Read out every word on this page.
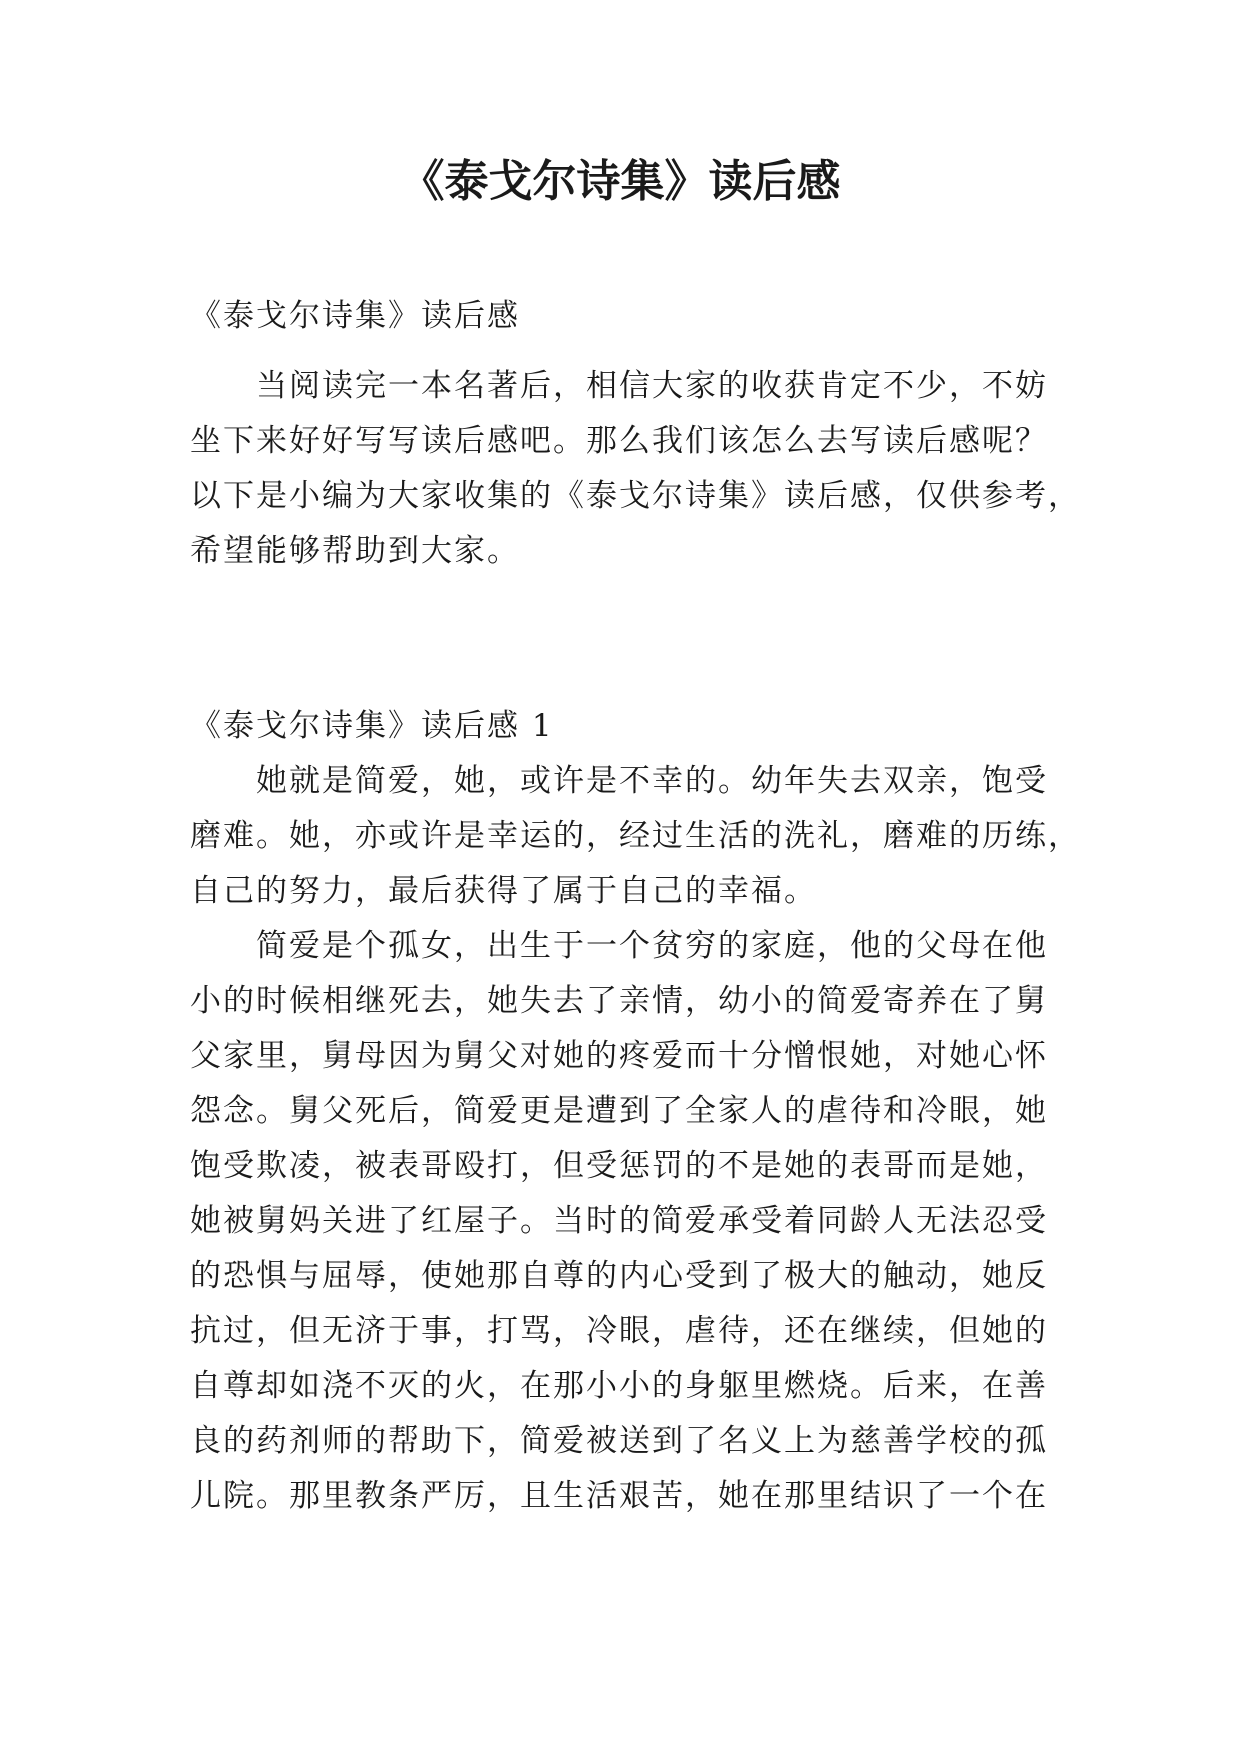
《泰戈尔诗集》读后感
《泰戈尔诗集》读后感
当阅读完一本名著后，相信大家的收获肯定不少，不妨
坐下来好好写写读后感吧。那么我们该怎么去写读后感呢？
以下是小编为大家收集的《泰戈尔诗集》读后感，仅供参考，
希望能够帮助到大家。
《泰戈尔诗集》读后感 1
她就是简爱，她，或许是不幸的。幼年失去双亲，饱受
磨难。她，亦或许是幸运的，经过生活的洗礼，磨难的历练，
自己的努力，最后获得了属于自己的幸福。
简爱是个孤女，出生于一个贫穷的家庭，他的父母在他
小的时候相继死去，她失去了亲情，幼小的简爱寄养在了舅
父家里，舅母因为舅父对她的疼爱而十分憎恨她，对她心怀
怨念。舅父死后，简爱更是遭到了全家人的虐待和冷眼，她
饱受欺凌，被表哥殴打，但受惩罚的不是她的表哥而是她，
她被舅妈关进了红屋子。当时的简爱承受着同龄人无法忍受
的恐惧与屈辱，使她那自尊的内心受到了极大的触动，她反
抗过，但无济于事，打骂，冷眼，虐待，还在继续，但她的
自尊却如浇不灭的火，在那小小的身躯里燃烧。后来，在善
良的药剂师的帮助下，简爱被送到了名义上为慈善学校的孤
儿院。那里教条严厉，且生活艰苦，她在那里结识了一个在
